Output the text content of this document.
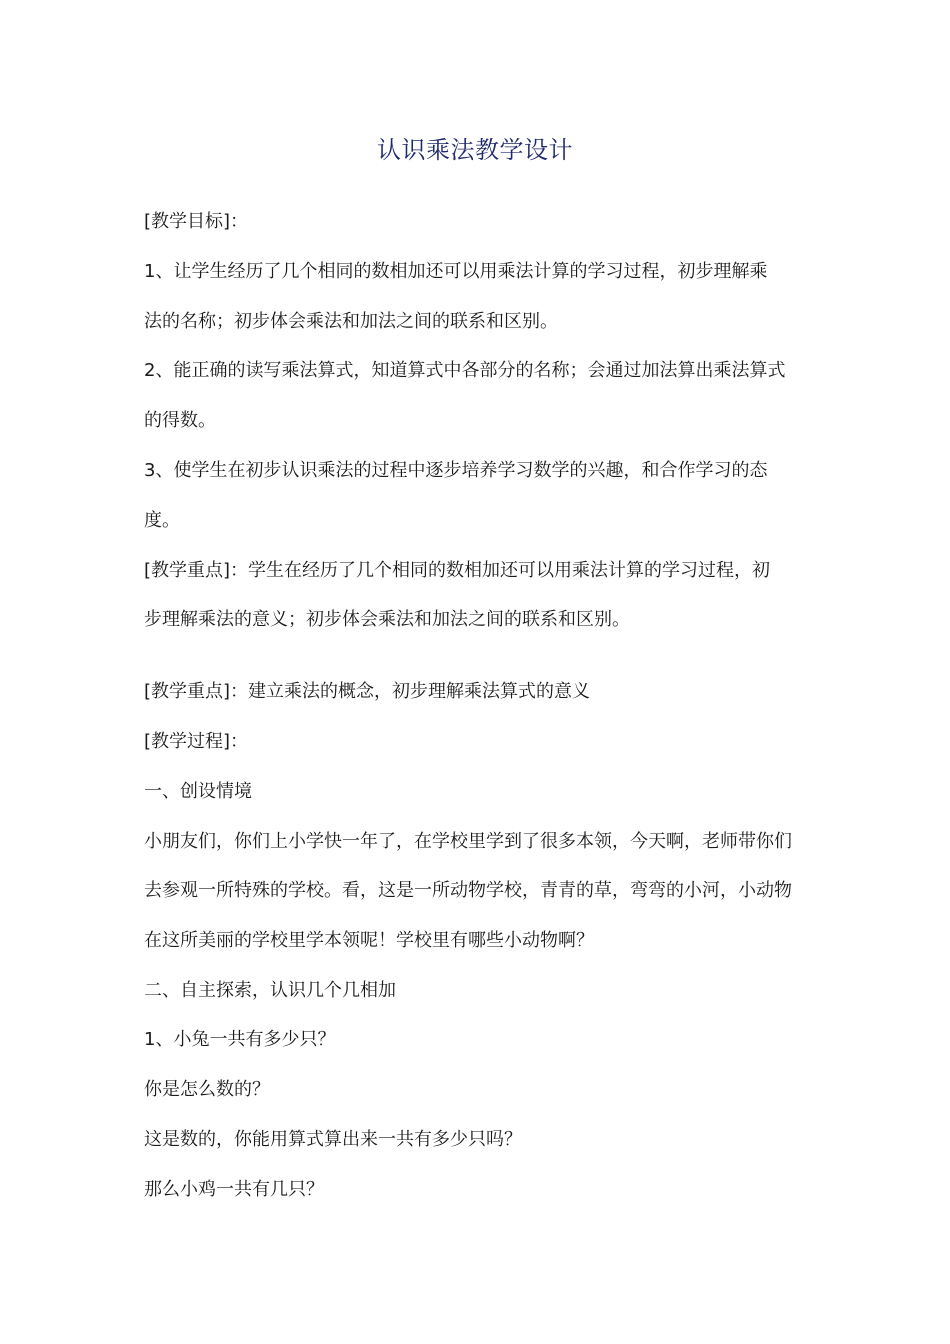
认识乘法教学设计
[教学目标]：
1、让学生经历了几个相同的数相加还可以用乘法计算的学习过程，初步理解乘
法的名称；初步体会乘法和加法之间的联系和区别。
2、能正确的读写乘法算式，知道算式中各部分的名称；会通过加法算出乘法算式
的得数。
3、使学生在初步认识乘法的过程中逐步培养学习数学的兴趣，和合作学习的态
度。
[教学重点]：学生在经历了几个相同的数相加还可以用乘法计算的学习过程，初
步理解乘法的意义；初步体会乘法和加法之间的联系和区别。
[教学重点]：建立乘法的概念，初步理解乘法算式的意义
[教学过程]：
一、创设情境
小朋友们，你们上小学快一年了，在学校里学到了很多本领，今天啊，老师带你们
去参观一所特殊的学校。看，这是一所动物学校，青青的草，弯弯的小河，小动物
在这所美丽的学校里学本领呢！学校里有哪些小动物啊？
二、自主探索，认识几个几相加
1、小兔一共有多少只？
你是怎么数的？
这是数的，你能用算式算出来一共有多少只吗？
那么小鸡一共有几只？
